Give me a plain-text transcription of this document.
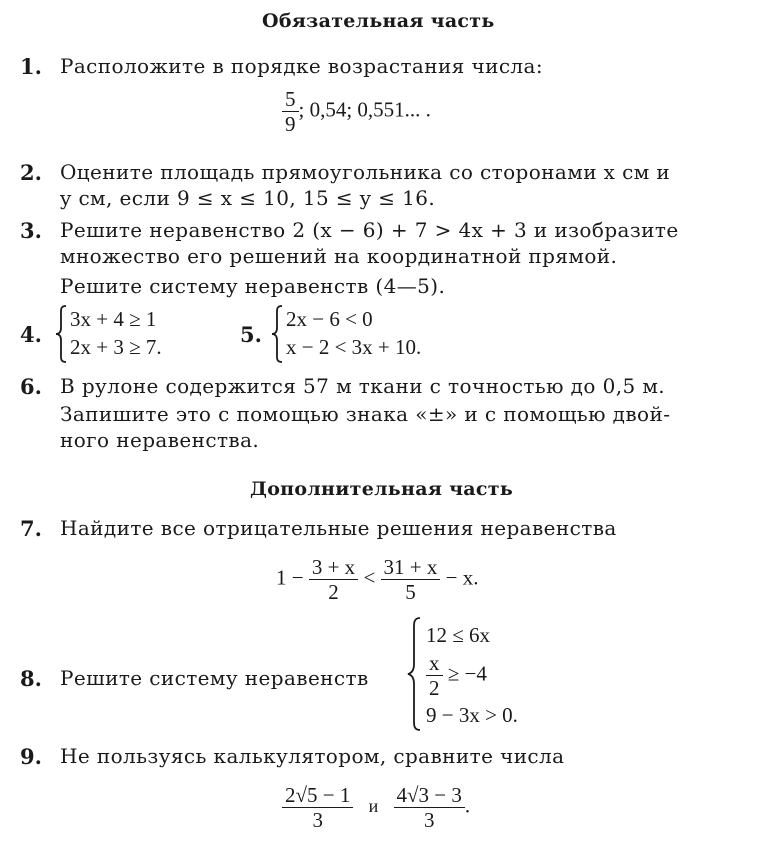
Обязательная часть
1. Расположите в порядке возрастания числа:
$\frac{5}{9}$ ; 0,54; 0,551... .
2. Оцените площадь прямоугольника со сторонами x см и
y см, если 9 ≤ x ≤ 10, 15 ≤ y ≤ 16.
3. Решите неравенство 2 (x − 6) + 7 > 4x + 3 и изобразите
множество его решений на координатной прямой.
Решите систему неравенств (4—5).
4.
3x + 4 ≥ 1
2x + 3 ≥ 7.	5.
2x − 6 < 0
x − 2 < 3x + 10.
6. В рулоне содержится 57 м ткани с точностью до 0,5 м.
Запишите это с помощью знака «±» и с помощью двой-
ного неравенства.
Дополнительная часть
7. Найдите все отрицательные решения неравенства
$1 - \frac{3 + x}{2} < \frac{31 + x}{5} - x$.
8. Решите систему неравенств
12 ≤ 6x
$\frac{x}{2} \ge -4$
9 − 3x > 0.
9. Не пользуясь калькулятором, сравните числа
$\frac{2√5 - 1}{3}$ и $\frac{4√3 - 3}{3}$ .
